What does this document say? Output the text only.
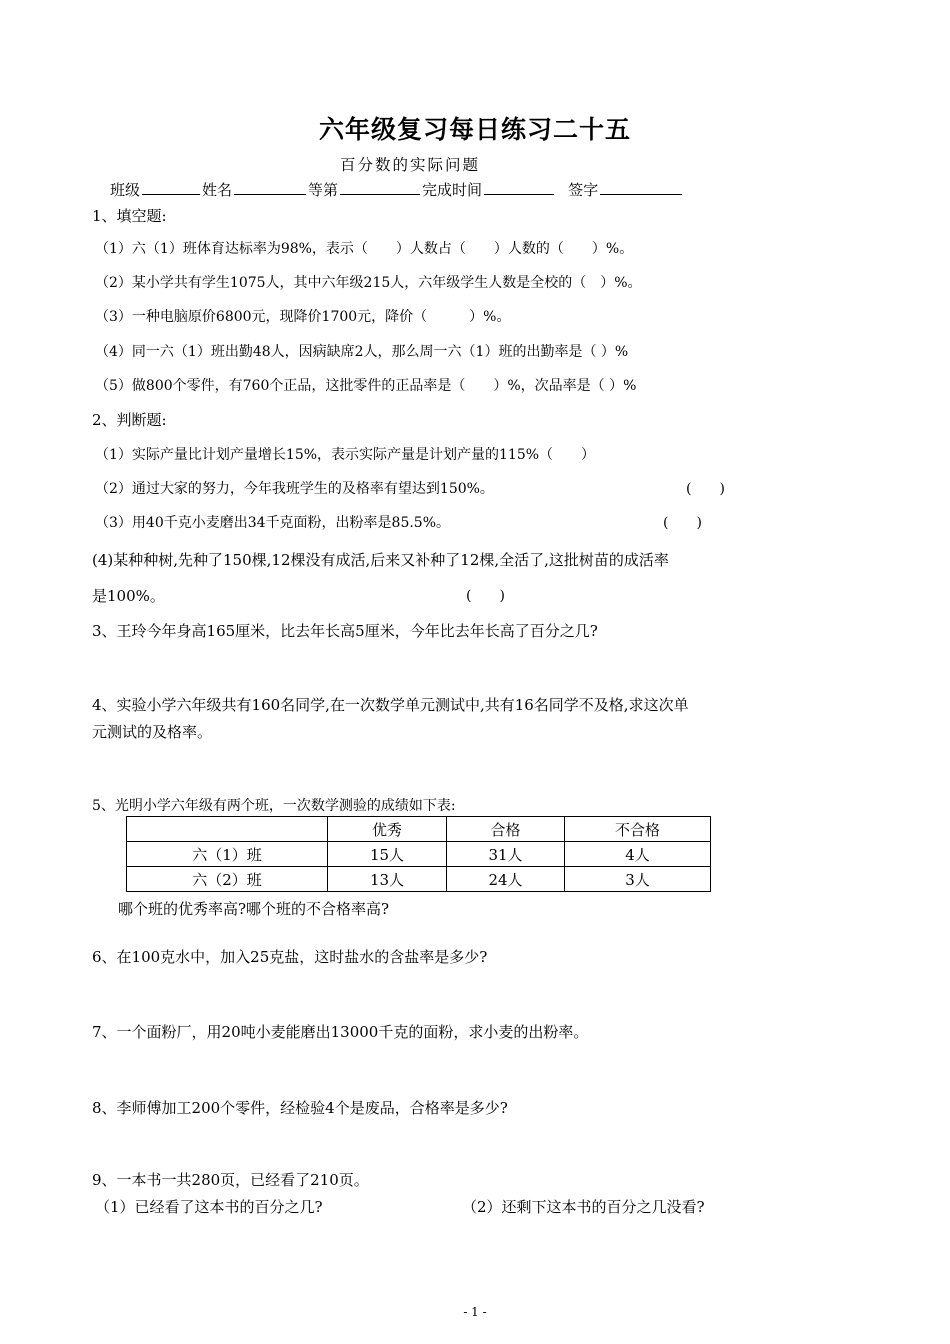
六年级复习每日练习二十五
百分数的实际问题
班级	姓名	等第	完成时间	签字
1、填空题:
（1）六（1）班体育达标率为98%，表示（　　）人数占（　　）人数的（　　）%。
（2）某小学共有学生1075人，其中六年级215人，六年级学生人数是全校的（　）%。
（3）一种电脑原价6800元，现降价1700元，降价（　　　）%。
（4）同一六（1）班出勤48人，因病缺席2人，那么周一六（1）班的出勤率是（ ）%
（5）做800个零件，有760个正品，这批零件的正品率是（　　）%，次品率是（ ）%
2、判断题:
（1）实际产量比计划产量增长15%，表示实际产量是计划产量的115%（　　）
（2）通过大家的努力，今年我班学生的及格率有望达到150%。	(　　)
（3）用40千克小麦磨出34千克面粉，出粉率是85.5%。	(　　)
(4)某种种树,先种了150棵,12棵没有成活,后来又补种了12棵,全活了,这批树苗的成活率
是100%。	(　　)
3、王玲今年身高165厘米，比去年长高5厘米，今年比去年长高了百分之几?
4、实验小学六年级共有160名同学,在一次数学单元测试中,共有16名同学不及格,求这次单
元测试的及格率。
5、光明小学六年级有两个班，一次数学测验的成绩如下表:
	优秀	合格	不合格
六（1）班	15人	31人	4人
六（2）班	13人	24人	3人
哪个班的优秀率高?哪个班的不合格率高?
6、在100克水中，加入25克盐，这时盐水的含盐率是多少?
7、一个面粉厂，用20吨小麦能磨出13000千克的面粉，求小麦的出粉率。
8、李师傅加工200个零件，经检验4个是废品，合格率是多少?
9、一本书一共280页，已经看了210页。
（1）已经看了这本书的百分之几?	（2）还剩下这本书的百分之几没看?
- 1 -
